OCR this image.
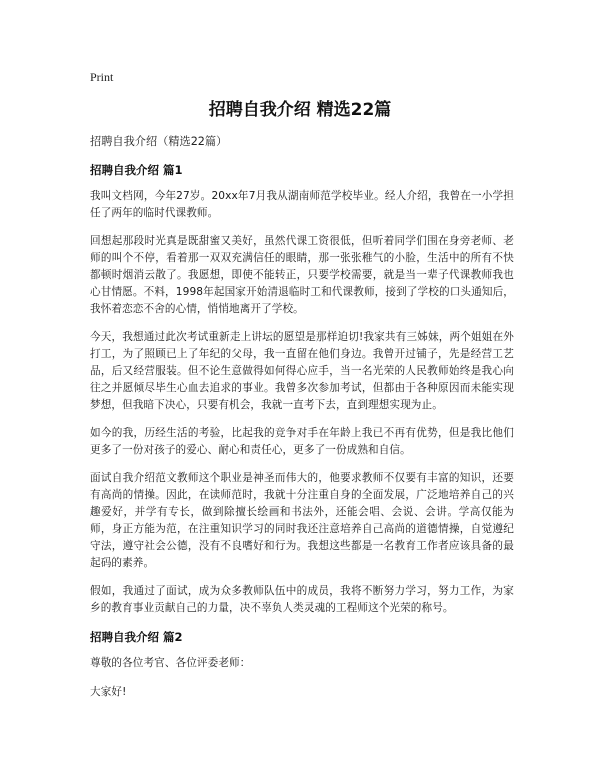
Print
招聘自我介绍 精选22篇
招聘自我介绍（精选22篇）
招聘自我介绍 篇1

我叫文档网，今年27岁。20xx年7月我从湖南师范学校毕业。经人介绍，我曾在一小学担任了两年的临时代课教师。

回想起那段时光真是既甜蜜又美好，虽然代课工资很低，但听着同学们围在身旁老师、老师的叫个不停，看着那一双双充满信任的眼睛，那一张张稚气的小脸，生活中的所有不快都顿时烟消云散了。我愿想，即使不能转正，只要学校需要，就是当一辈子代课教师我也心甘情愿。不料，1998年起国家开始清退临时工和代课教师，接到了学校的口头通知后，我怀着恋恋不舍的心情，悄悄地离开了学校。

今天，我想通过此次考试重新走上讲坛的愿望是那样迫切!我家共有三姊妹，两个姐姐在外打工，为了照顾已上了年纪的父母，我一直留在他们身边。我曾开过铺子，先是经营工艺品，后又经营服装。但不论生意做得如何得心应手，当一名光荣的人民教师始终是我心向往之并愿倾尽毕生心血去追求的事业。我曾多次参加考试，但都由于各种原因而未能实现梦想，但我暗下决心，只要有机会，我就一直考下去，直到理想实现为止。

如今的我，历经生活的考验，比起我的竞争对手在年龄上我已不再有优势，但是我比他们更多了一份对孩子的爱心、耐心和责任心，更多了一份成熟和自信。

面试自我介绍范文教师这个职业是神圣而伟大的，他要求教师不仅要有丰富的知识，还要有高尚的情操。因此，在读师范时，我就十分注重自身的全面发展，广泛地培养自己的兴趣爱好，并学有专长，做到除擅长绘画和书法外，还能会唱、会说、会讲。学高仅能为师，身正方能为范，在注重知识学习的同时我还注意培养自己高尚的道德情操，自觉遵纪守法，遵守社会公德，没有不良嗜好和行为。我想这些都是一名教育工作者应该具备的最起码的素养。

假如，我通过了面试，成为众多教师队伍中的成员，我将不断努力学习，努力工作，为家乡的教育事业贡献自己的力量，决不辜负人类灵魂的工程师这个光荣的称号。

招聘自我介绍 篇2

尊敬的各位考官、各位评委老师：

大家好!
